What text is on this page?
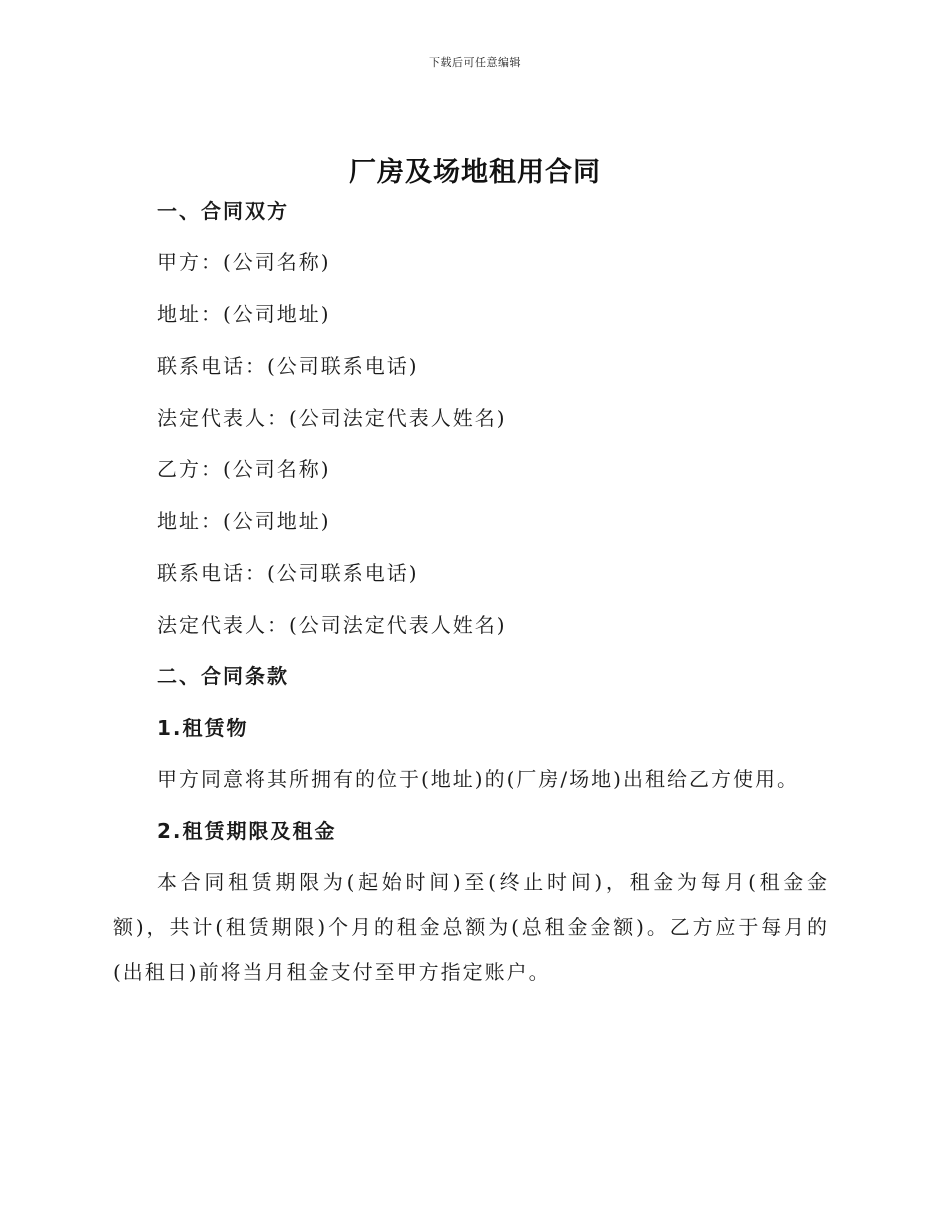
下载后可任意编辑
厂房及场地租用合同
一、合同双方
甲方：(公司名称)
地址：(公司地址)
联系电话：(公司联系电话)
法定代表人：(公司法定代表人姓名)
乙方：(公司名称)
地址：(公司地址)
联系电话：(公司联系电话)
法定代表人：(公司法定代表人姓名)
二、合同条款
1.租赁物
甲方同意将其所拥有的位于(地址)的(厂房/场地)出租给乙方使用。
2.租赁期限及租金
本合同租赁期限为(起始时间)至(终止时间)，租金为每月(租金金额)，共计(租赁期限)个月的租金总额为(总租金金额)。乙方应于每月的(出租日)前将当月租金支付至甲方指定账户。
